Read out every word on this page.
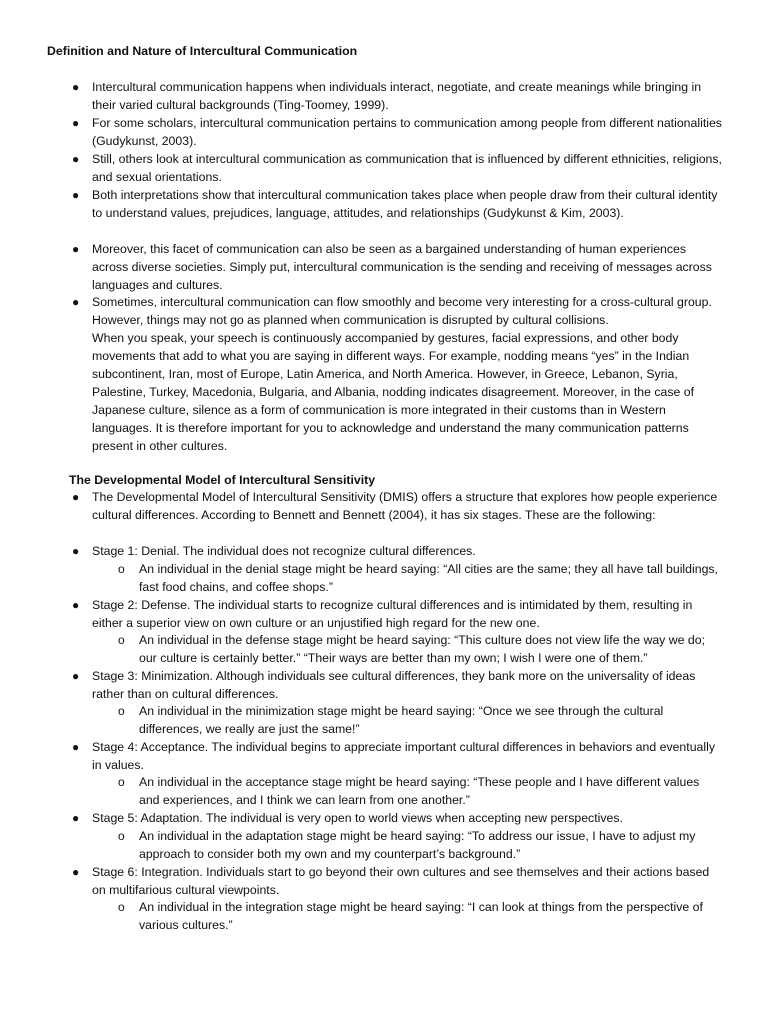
Definition and Nature of Intercultural Communication
● Intercultural communication happens when individuals interact, negotiate, and create meanings while bringing in their varied cultural backgrounds (Ting-Toomey, 1999).
● For some scholars, intercultural communication pertains to communication among people from different nationalities (Gudykunst, 2003).
● Still, others look at intercultural communication as communication that is influenced by different ethnicities, religions, and sexual orientations.
● Both interpretations show that intercultural communication takes place when people draw from their cultural identity to understand values, prejudices, language, attitudes, and relationships (Gudykunst & Kim, 2003).
● Moreover, this facet of communication can also be seen as a bargained understanding of human experiences across diverse societies. Simply put, intercultural communication is the sending and receiving of messages across languages and cultures.
● Sometimes, intercultural communication can flow smoothly and become very interesting for a cross-cultural group. However, things may not go as planned when communication is disrupted by cultural collisions.
When you speak, your speech is continuously accompanied by gestures, facial expressions, and other body movements that add to what you are saying in different ways. For example, nodding means “yes” in the Indian subcontinent, Iran, most of Europe, Latin America, and North America. However, in Greece, Lebanon, Syria, Palestine, Turkey, Macedonia, Bulgaria, and Albania, nodding indicates disagreement. Moreover, in the case of Japanese culture, silence as a form of communication is more integrated in their customs than in Western languages. It is therefore important for you to acknowledge and understand the many communication patterns present in other cultures.
The Developmental Model of Intercultural Sensitivity
● The Developmental Model of Intercultural Sensitivity (DMIS) offers a structure that explores how people experience cultural differences. According to Bennett and Bennett (2004), it has six stages. These are the following:
● Stage 1: Denial. The individual does not recognize cultural differences.
o An individual in the denial stage might be heard saying: “All cities are the same; they all have tall buildings, fast food chains, and coffee shops.”
● Stage 2: Defense. The individual starts to recognize cultural differences and is intimidated by them, resulting in either a superior view on own culture or an unjustified high regard for the new one.
o An individual in the defense stage might be heard saying: “This culture does not view life the way we do; our culture is certainly better.” “Their ways are better than my own; I wish I were one of them.”
● Stage 3: Minimization. Although individuals see cultural differences, they bank more on the universality of ideas rather than on cultural differences.
o An individual in the minimization stage might be heard saying: “Once we see through the cultural differences, we really are just the same!”
● Stage 4: Acceptance. The individual begins to appreciate important cultural differences in behaviors and eventually in values.
o An individual in the acceptance stage might be heard saying: “These people and I have different values and experiences, and I think we can learn from one another.”
● Stage 5: Adaptation. The individual is very open to world views when accepting new perspectives.
o An individual in the adaptation stage might be heard saying: “To address our issue, I have to adjust my approach to consider both my own and my counterpart’s background.”
● Stage 6: Integration. Individuals start to go beyond their own cultures and see themselves and their actions based on multifarious cultural viewpoints.
o An individual in the integration stage might be heard saying: “I can look at things from the perspective of various cultures.”
